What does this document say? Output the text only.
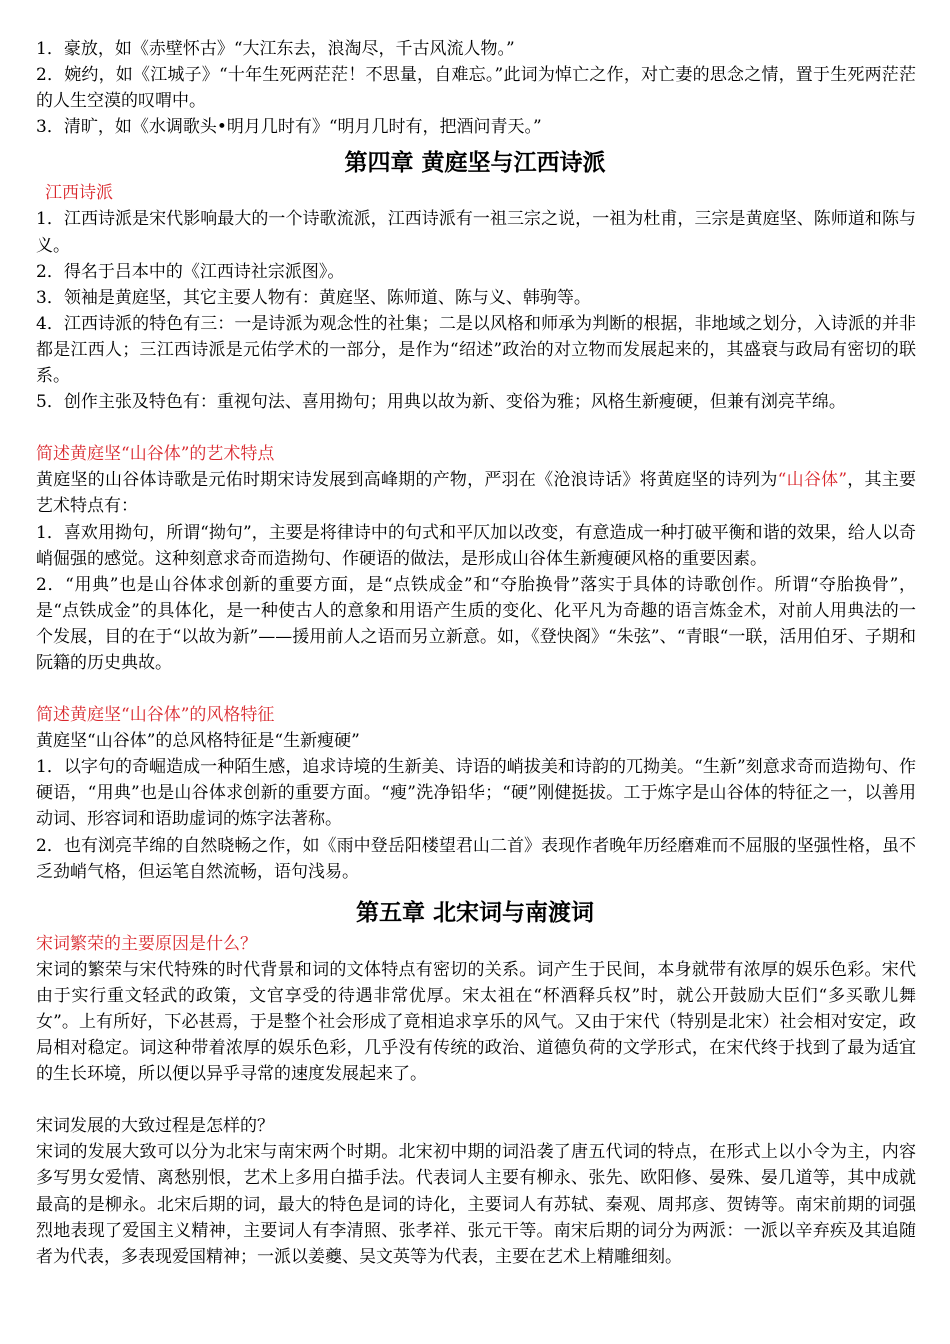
1．豪放，如《赤壁怀古》“大江东去，浪淘尽，千古风流人物。”

2．婉约，如《江城子》“十年生死两茫茫！不思量，自难忘。”此词为悼亡之作，对亡妻的思念之情，置于生死两茫茫的人生空漠的叹喟中。

3．清旷，如《水调歌头•明月几时有》“明月几时有，把酒问青天。”

第四章 黄庭坚与江西诗派

江西诗派

1．江西诗派是宋代影响最大的一个诗歌流派，江西诗派有一祖三宗之说，一祖为杜甫，三宗是黄庭坚、陈师道和陈与义。

2．得名于吕本中的《江西诗社宗派图》。

3．领袖是黄庭坚，其它主要人物有：黄庭坚、陈师道、陈与义、韩驹等。

4．江西诗派的特色有三：一是诗派为观念性的社集；二是以风格和师承为判断的根据，非地域之划分，入诗派的并非都是江西人；三江西诗派是元佑学术的一部分，是作为“绍述”政治的对立物而发展起来的，其盛衰与政局有密切的联系。

5．创作主张及特色有：重视句法、喜用拗句；用典以故为新、变俗为雅；风格生新瘦硬，但兼有浏亮芊绵。

简述黄庭坚“山谷体”的艺术特点

黄庭坚的山谷体诗歌是元佑时期宋诗发展到高峰期的产物，严羽在《沧浪诗话》将黄庭坚的诗列为“山谷体”，其主要艺术特点有：

1．喜欢用拗句，所谓“拗句”，主要是将律诗中的句式和平仄加以改变，有意造成一种打破平衡和谐的效果，给人以奇峭倔强的感觉。这种刻意求奇而造拗句、作硬语的做法，是形成山谷体生新瘦硬风格的重要因素。

2．“用典”也是山谷体求创新的重要方面，是“点铁成金”和“夺胎换骨”落实于具体的诗歌创作。所谓“夺胎换骨”，是“点铁成金”的具体化，是一种使古人的意象和用语产生质的变化、化平凡为奇趣的语言炼金术，对前人用典法的一个发展，目的在于“以故为新”——援用前人之语而另立新意。如，《登快阁》“朱弦”、“青眼“一联，活用伯牙、子期和阮籍的历史典故。

简述黄庭坚“山谷体”的风格特征

黄庭坚“山谷体”的总风格特征是“生新瘦硬”

1．以字句的奇崛造成一种陌生感，追求诗境的生新美、诗语的峭拔美和诗韵的兀拗美。“生新”刻意求奇而造拗句、作硬语，“用典”也是山谷体求创新的重要方面。“瘦”洗净铅华；“硬”刚健挺拔。工于炼字是山谷体的特征之一，以善用动词、形容词和语助虚词的炼字法著称。

2．也有浏亮芊绵的自然晓畅之作，如《雨中登岳阳楼望君山二首》表现作者晚年历经磨难而不屈服的坚强性格，虽不乏劲峭气格，但运笔自然流畅，语句浅易。

第五章 北宋词与南渡词

宋词繁荣的主要原因是什么？

宋词的繁荣与宋代特殊的时代背景和词的文体特点有密切的关系。词产生于民间，本身就带有浓厚的娱乐色彩。宋代由于实行重文轻武的政策，文官享受的待遇非常优厚。宋太祖在“杯酒释兵权”时，就公开鼓励大臣们“多买歌儿舞女”。上有所好，下必甚焉，于是整个社会形成了竟相追求享乐的风气。又由于宋代（特别是北宋）社会相对安定，政局相对稳定。词这种带着浓厚的娱乐色彩，几乎没有传统的政治、道德负荷的文学形式，在宋代终于找到了最为适宜的生长环境，所以便以异乎寻常的速度发展起来了。

宋词发展的大致过程是怎样的？

宋词的发展大致可以分为北宋与南宋两个时期。北宋初中期的词沿袭了唐五代词的特点，在形式上以小令为主，内容多写男女爱情、离愁别恨，艺术上多用白描手法。代表词人主要有柳永、张先、欧阳修、晏殊、晏几道等，其中成就最高的是柳永。北宋后期的词，最大的特色是词的诗化，主要词人有苏轼、秦观、周邦彦、贺铸等。南宋前期的词强烈地表现了爱国主义精神，主要词人有李清照、张孝祥、张元干等。南宋后期的词分为两派：一派以辛弃疾及其追随者为代表，多表现爱国精神；一派以姜夔、吴文英等为代表，主要在艺术上精雕细刻。
